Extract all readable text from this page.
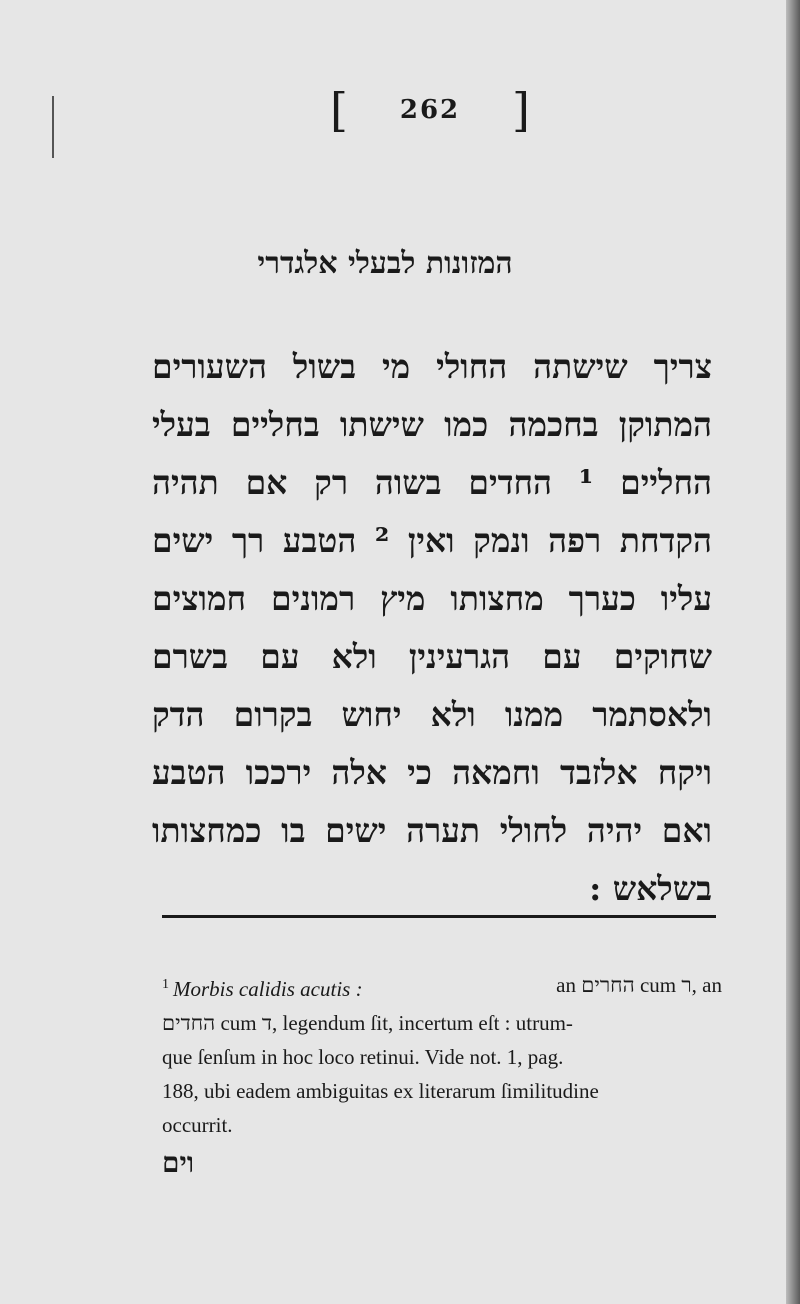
[ 262 ]
המזונות לבעלי אלגדרי
צריך שישתה החולי מי בשול השעורים
המתוקן בחכמה כמו שישתו בחליים בעלי
החליים ¹ החדים בשוה רק אם תהיה
הקדחת רפה ונמק ואין ² הטבע רך ישים
עליו כערך מחצותו מיץ רמונים חמוצים
שחוקים עם הגרעינין ולא עם בשרם
ולאסתמר ממנו ולא יחוש בקרום הדק
ויקח אלזבד וחמאה כי אלה ירככו הטבע
ואם יהיה לחולי תערה ישים בו כמחצותו
בשלאש :
$^1$ Morbis calidis acutis :	an החרים cum ר, an
החדים cum ד, legendum ſit, incertum eſt : utrum-
que ſenſum in hoc loco retinui. Vide not. 1, pag.
188, ubi eadem ambiguitas ex literarum ſimilitudine
occurrit.
וים
